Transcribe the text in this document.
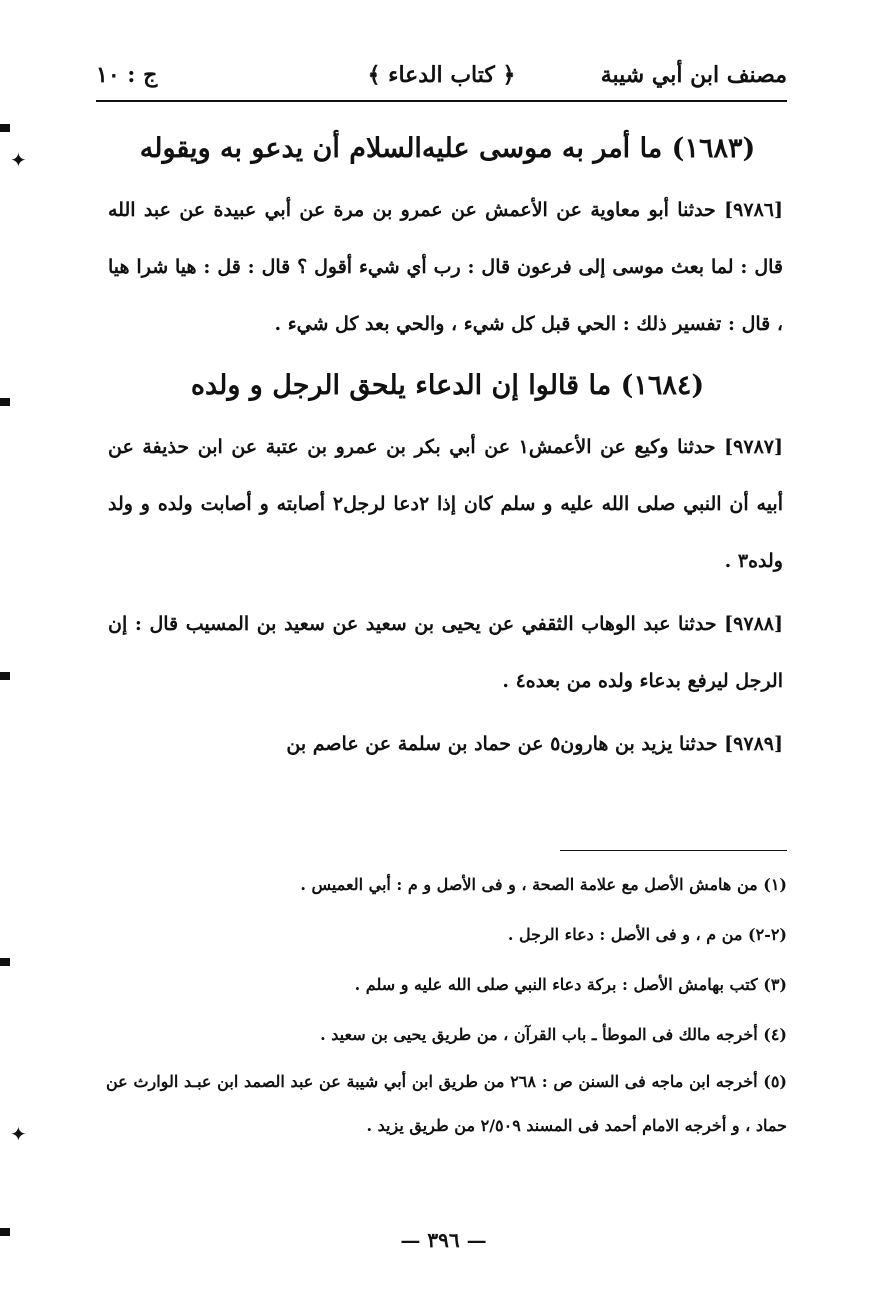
مصنف ابن أبي شيبة
﴿ كتاب الدعاء ﴾
ج : ١٠
(١٦٨٣) ما أمر به موسى عليه‌السلام أن يدعو به ويقوله

[٩٧٨٦] حدثنا أبو معاوية عن الأعمش عن عمرو بن مرة عن أبي عبيدة عن عبد الله قال : لما بعث موسى إلى فرعون قال : رب أي شيء أقول ؟ قال : قل : هيا شرا هيا ، قال : تفسير ذلك : الحي قبل كل شيء ، والحي بعد كل شيء .

(١٦٨٤) ما قالوا إن الدعاء يلحق الرجل و ولده

[٩٧٨٧] حدثنا وكيع عن الأعمش١ عن أبي بكر بن عمرو بن عتبة عن ابن حذيفة عن أبيه أن النبي صلى الله عليه و سلم كان إذا ٢دعا لرجل٢ أصابته و أصابت ولده و ولد ولده٣ .

[٩٧٨٨] حدثنا عبد الوهاب الثقفي عن يحيى بن سعيد عن سعيد بن المسيب قال : إن الرجل ليرفع بدعاء ولده من بعده٤ .

[٩٧٨٩] حدثنا يزيد بن هارون٥ عن حماد بن سلمة عن عاصم بن

(١) من هامش الأصل مع علامة الصحة ، و فى الأصل و م : أبي العميس .

(٢-٢) من م ، و فى الأصل : دعاء الرجل .

(٣) كتب بهامش الأصل : بركة دعاء النبي صلى الله عليه و سلم .

(٤) أخرجه مالك فى الموطأ ـ باب القرآن ، من طريق يحيى بن سعيد .

(٥) أخرجه ابن ماجه فى السنن ص : ٢٦٨ من طريق ابن أبي شيبة عن عبد الصمد ابن عبـد الوارث عن حماد ، و أخرجه الامام أحمد فى المسند ٢/٥٠٩ من طريق يزيد .

— ٣٩٦ —
✦
✦
